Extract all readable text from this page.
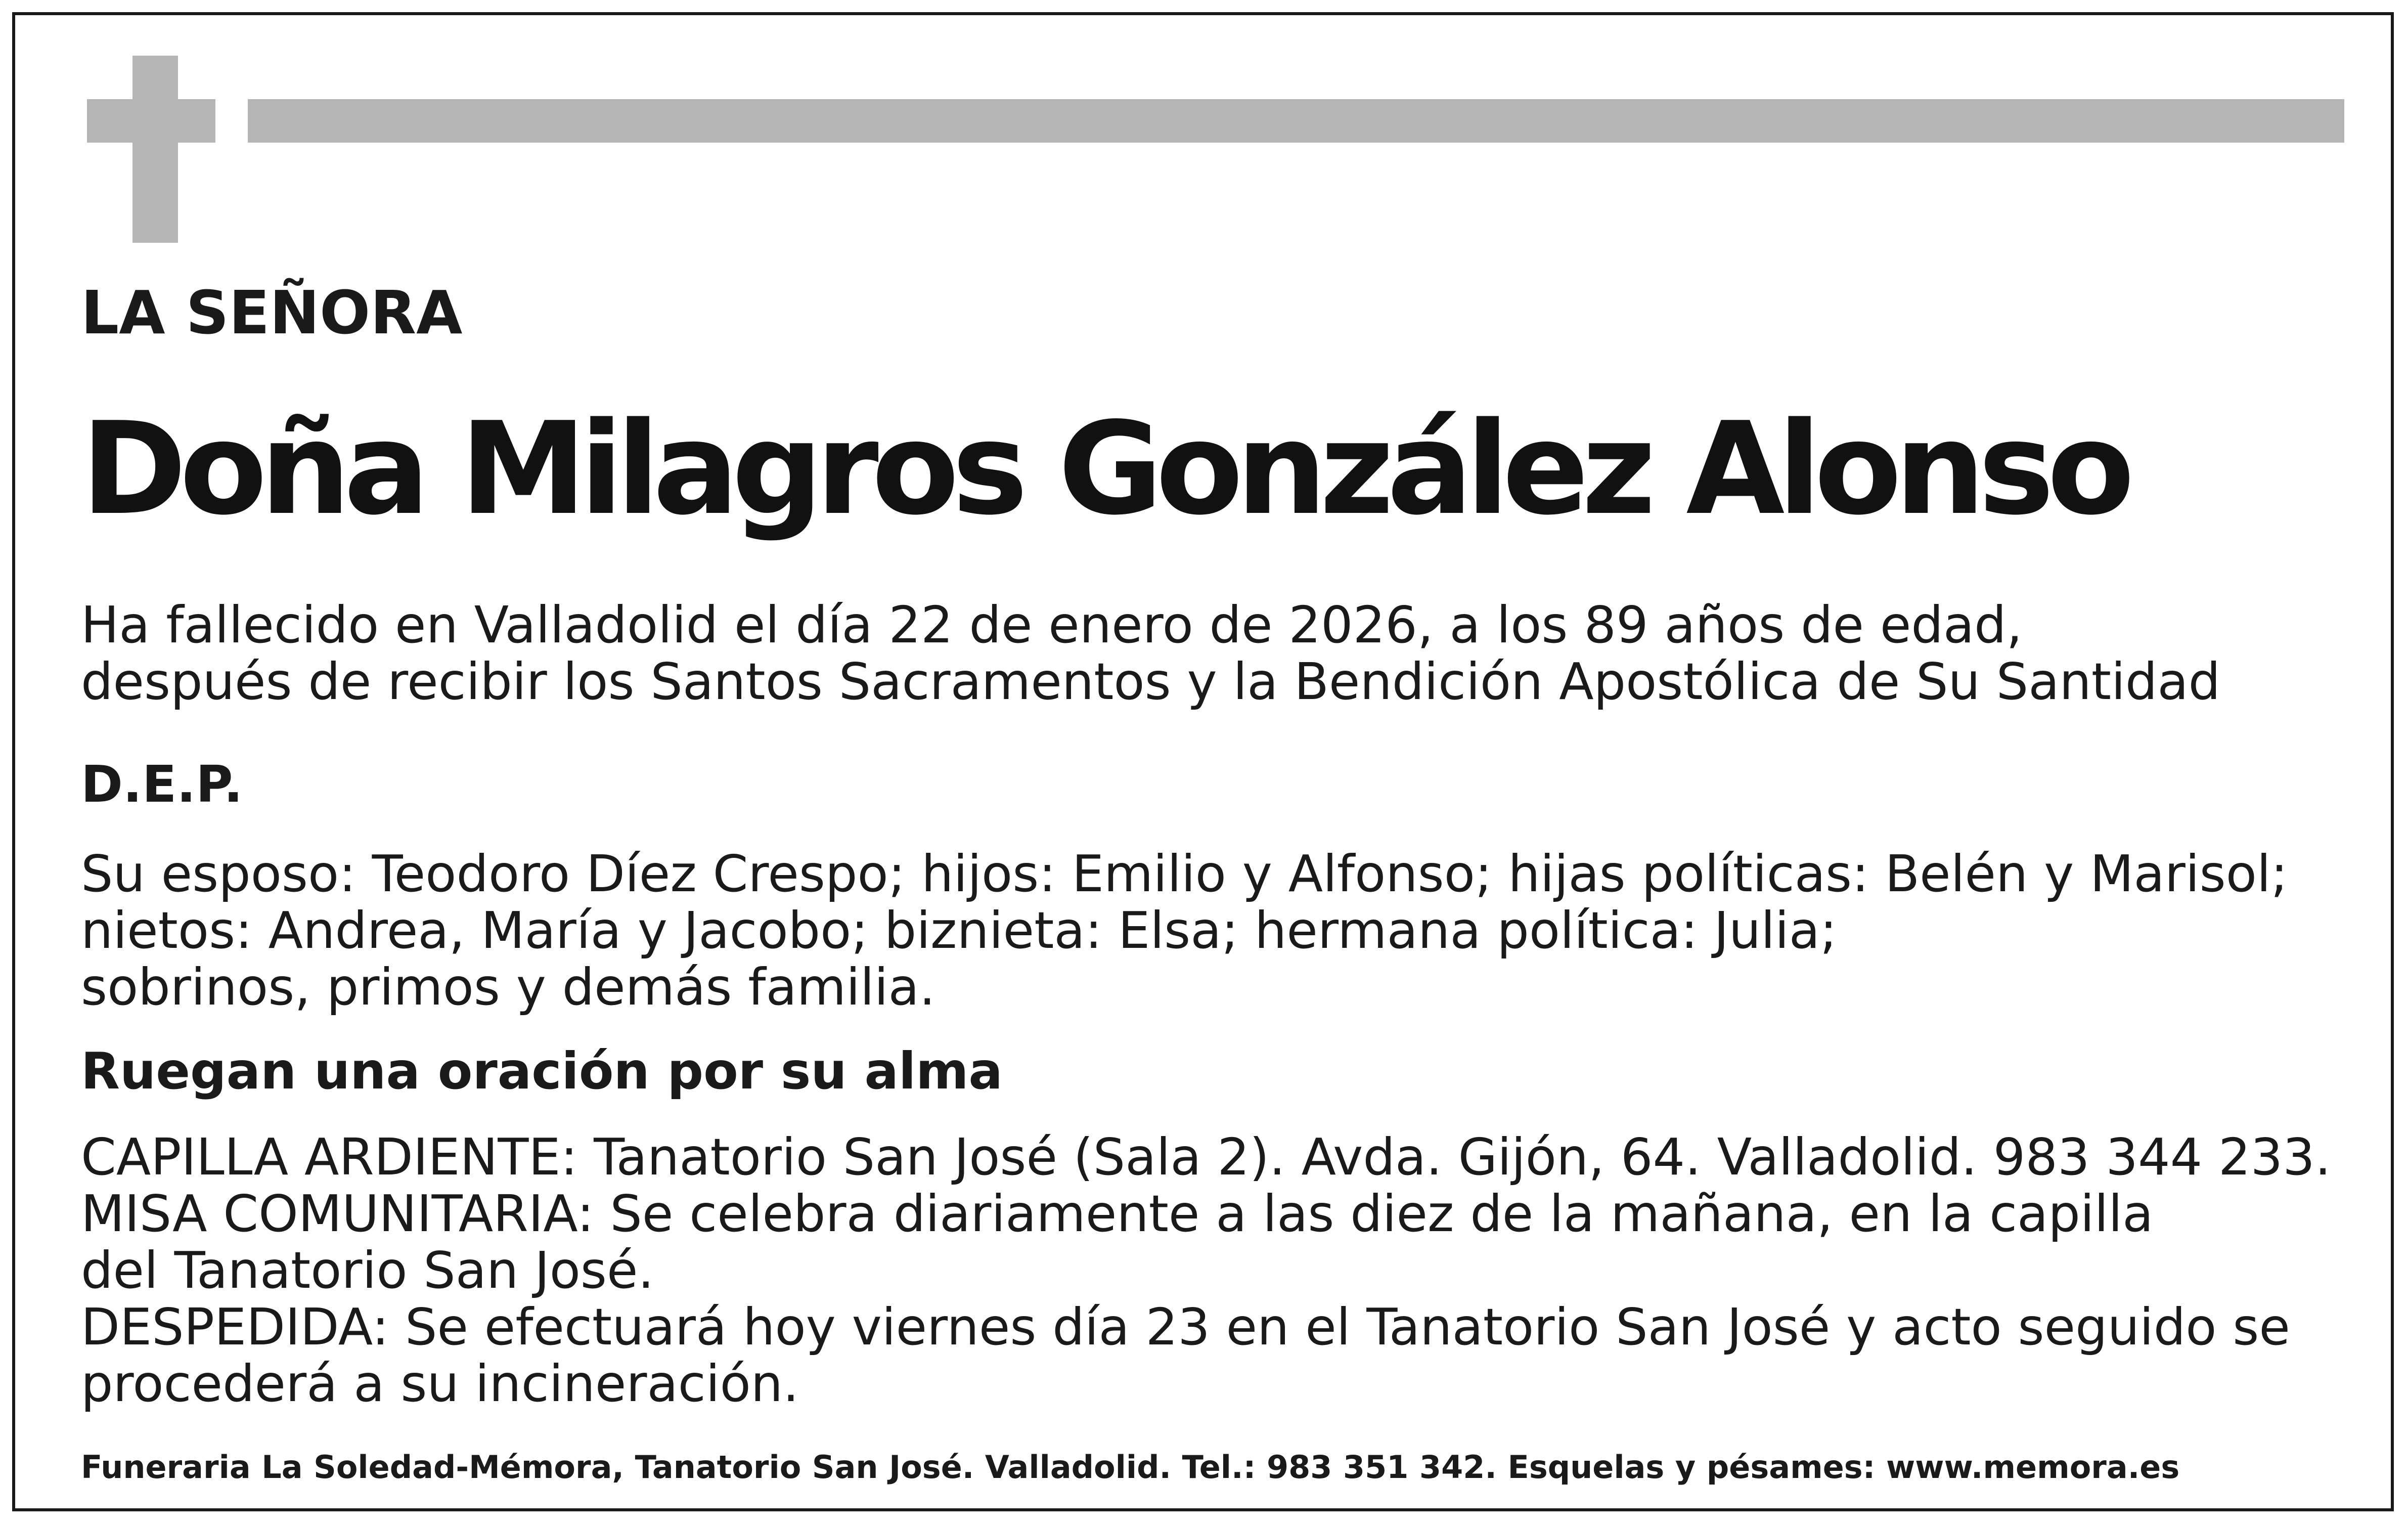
LA SEÑORA

Doña Milagros González Alonso

Ha fallecido en Valladolid el día 22 de enero de 2026, a los 89 años de edad,
después de recibir los Santos Sacramentos y la Bendición Apostólica de Su Santidad

D.E.P.

Su esposo: Teodoro Díez Crespo; hijos: Emilio y Alfonso; hijas políticas: Belén y Marisol;
nietos: Andrea, María y Jacobo; biznieta: Elsa; hermana política: Julia;
sobrinos, primos y demás familia.

Ruegan una oración por su alma

CAPILLA ARDIENTE: Tanatorio San José (Sala 2). Avda. Gijón, 64. Valladolid. 983 344 233.
MISA COMUNITARIA: Se celebra diariamente a las diez de la mañana, en la capilla
del Tanatorio San José.
DESPEDIDA: Se efectuará hoy viernes día 23 en el Tanatorio San José y acto seguido se
procederá a su incineración.

Funeraria La Soledad-Mémora, Tanatorio San José. Valladolid. Tel.: 983 351 342. Esquelas y pésames: www.memora.es
